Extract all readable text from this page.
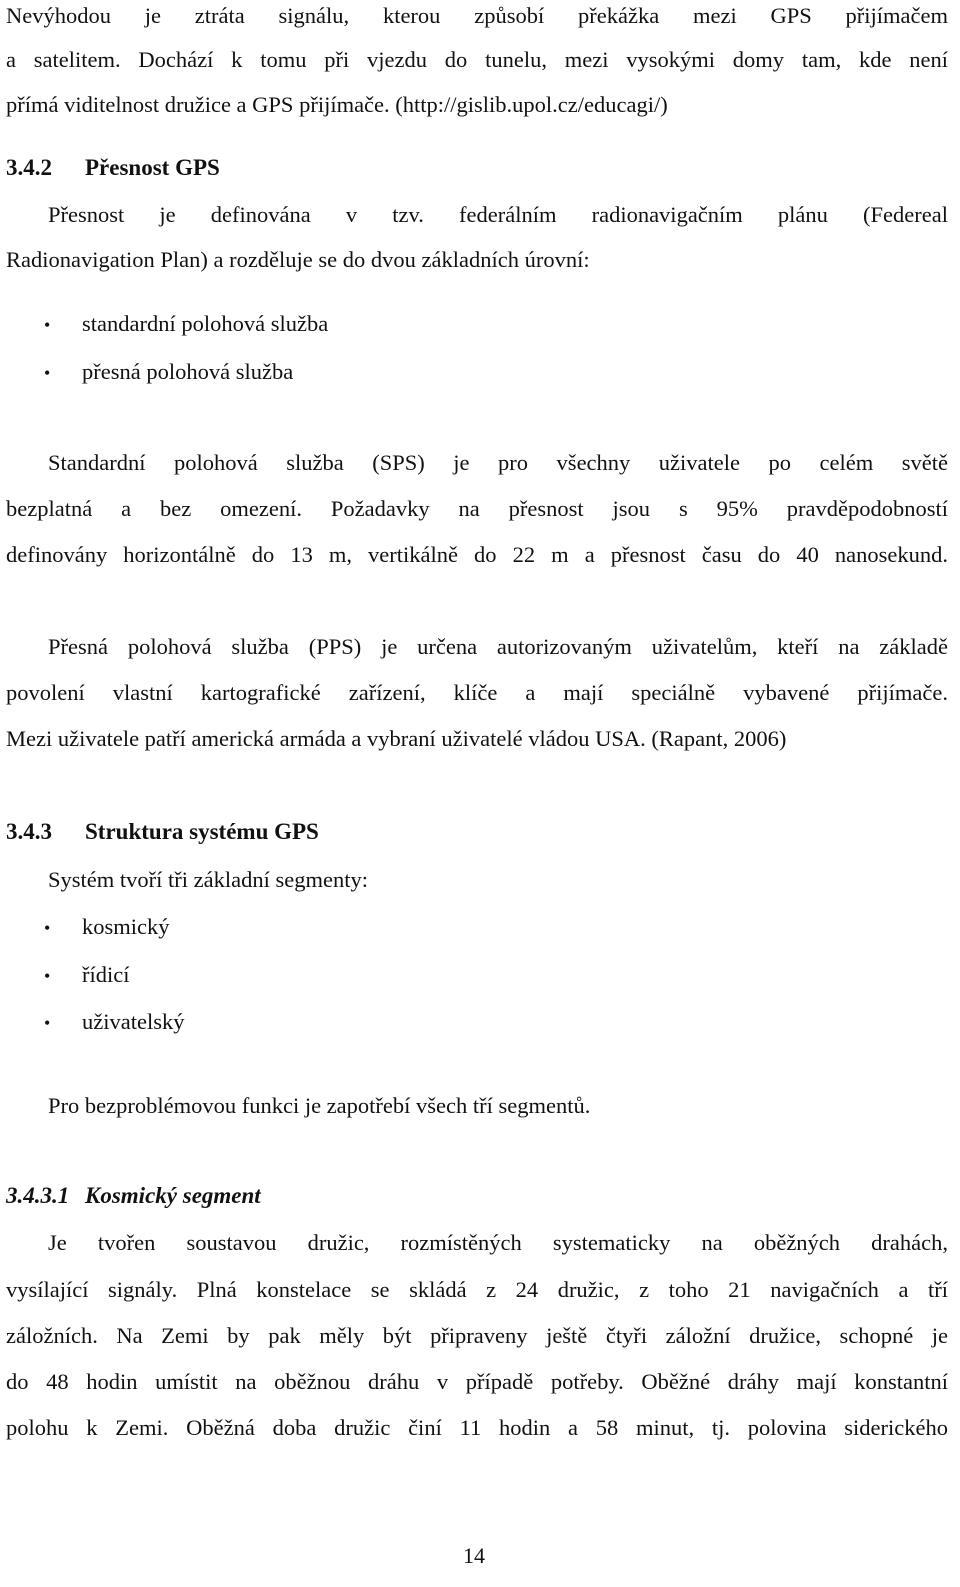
Nevýhodou je ztráta signálu, kterou způsobí překážka mezi GPS přijímačem
a satelitem. Dochází k tomu při vjezdu do tunelu, mezi vysokými domy tam, kde není
přímá viditelnost družice a GPS přijímače. (http://gislib.upol.cz/educagi/)
3.4.2 Přesnost GPS
Přesnost je definována v tzv. federálním radionavigačním plánu (Federeal
Radionavigation Plan) a rozděluje se do dvou základních úrovní:
• standardní polohová služba
• přesná polohová služba
Standardní polohová služba (SPS) je pro všechny uživatele po celém světě
bezplatná a bez omezení. Požadavky na přesnost jsou s 95% pravděpodobností
definovány horizontálně do 13 m, vertikálně do 22 m a přesnost času do 40 nanosekund.
Přesná polohová služba (PPS) je určena autorizovaným uživatelům, kteří na základě
povolení vlastní kartografické zařízení, klíče a mají speciálně vybavené přijímače.
Mezi uživatele patří americká armáda a vybraní uživatelé vládou USA. (Rapant, 2006)
3.4.3 Struktura systému GPS
Systém tvoří tři základní segmenty:
• kosmický
• řídicí
• uživatelský
Pro bezproblémovou funkci je zapotřebí všech tří segmentů.
3.4.3.1 Kosmický segment
Je tvořen soustavou družic, rozmístěných systematicky na oběžných drahách,
vysílající signály. Plná konstelace se skládá z 24 družic, z toho 21 navigačních a tří
záložních. Na Zemi by pak měly být připraveny ještě čtyři záložní družice, schopné je
do 48 hodin umístit na oběžnou dráhu v případě potřeby. Oběžné dráhy mají konstantní
polohu k Zemi. Oběžná doba družic činí 11 hodin a 58 minut, tj. polovina siderického
14
